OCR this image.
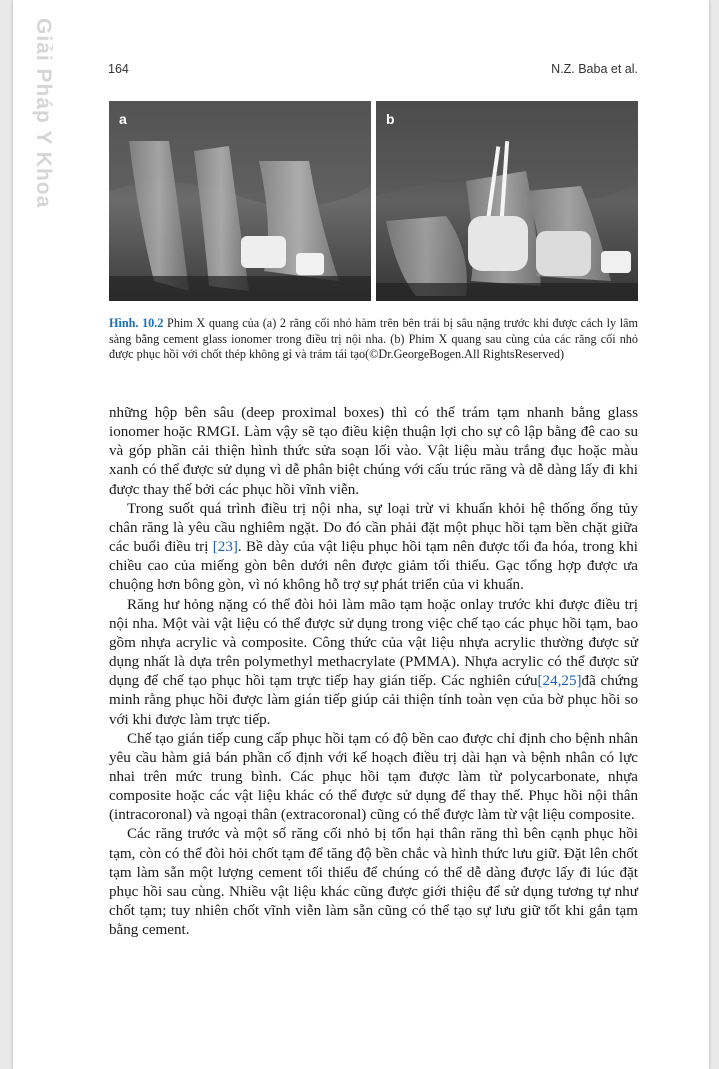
Giải Pháp Y Khoa	164	N.Z. Baba et al.
a	b
Hình. 10.2 Phim X quang của (a) 2 răng cối nhỏ hàm trên bên trái bị sâu nặng trước khi được cách ly lâm sàng bằng cement glass ionomer trong điều trị nội nha. (b) Phim X quang sau cùng của các răng cối nhỏ được phục hồi với chốt thép không gỉ và trám tái tạo(©Dr.GeorgeBogen.All RightsReserved)

những hộp bên sâu (deep proximal boxes) thì có thể trám tạm nhanh bằng glass ionomer hoặc RMGI. Làm vậy sẽ tạo điều kiện thuận lợi cho sự cô lập bằng đê cao su và góp phần cải thiện hình thức sửa soạn lối vào. Vật liệu màu trắng đục hoặc màu xanh có thể được sử dụng vì dễ phân biệt chúng với cấu trúc răng và dễ dàng lấy đi khi được thay thế bởi các phục hồi vĩnh viễn.

Trong suốt quá trình điều trị nội nha, sự loại trừ vi khuẩn khỏi hệ thống ống tủy chân răng là yêu cầu nghiêm ngặt. Do đó cần phải đặt một phục hồi tạm bền chặt giữa các buổi điều trị [23]. Bề dày của vật liệu phục hồi tạm nên được tối đa hóa, trong khi chiều cao của miếng gòn bên dưới nên được giảm tối thiểu. Gạc tổng hợp được ưa chuộng hơn bông gòn, vì nó không hỗ trợ sự phát triển của vi khuẩn.

Răng hư hỏng nặng có thể đòi hỏi làm mão tạm hoặc onlay trước khi được điều trị nội nha. Một vài vật liệu có thể được sử dụng trong việc chế tạo các phục hồi tạm, bao gồm nhựa acrylic và composite. Công thức của vật liệu nhựa acrylic thường được sử dụng nhất là dựa trên polymethyl methacrylate (PMMA). Nhựa acrylic có thể được sử dụng để chế tạo phục hồi tạm trực tiếp hay gián tiếp. Các nghiên cứu[24,25]đã chứng minh rằng phục hồi được làm gián tiếp giúp cải thiện tính toàn vẹn của bờ phục hồi so với khi được làm trực tiếp.

Chế tạo gián tiếp cung cấp phục hồi tạm có độ bền cao được chỉ định cho bệnh nhân yêu cầu hàm giả bán phần cố định với kế hoạch điều trị dài hạn và bệnh nhân có lực nhai trên mức trung bình. Các phục hồi tạm được làm từ polycarbonate, nhựa composite hoặc các vật liệu khác có thể được sử dụng để thay thế. Phục hồi nội thân (intracoronal) và ngoại thân (extracoronal) cũng có thể được làm từ vật liệu composite.

Các răng trước và một số răng cối nhỏ bị tổn hại thân răng thì bên cạnh phục hồi tạm, còn có thể đòi hỏi chốt tạm để tăng độ bền chắc và hình thức lưu giữ. Đặt lên chốt tạm làm sẵn một lượng cement tối thiểu để chúng có thể dễ dàng được lấy đi lúc đặt phục hồi sau cùng. Nhiều vật liệu khác cũng được giới thiệu để sử dụng tương tự như chốt tạm; tuy nhiên chốt vĩnh viễn làm sẵn cũng có thể tạo sự lưu giữ tốt khi gắn tạm bằng cement.
